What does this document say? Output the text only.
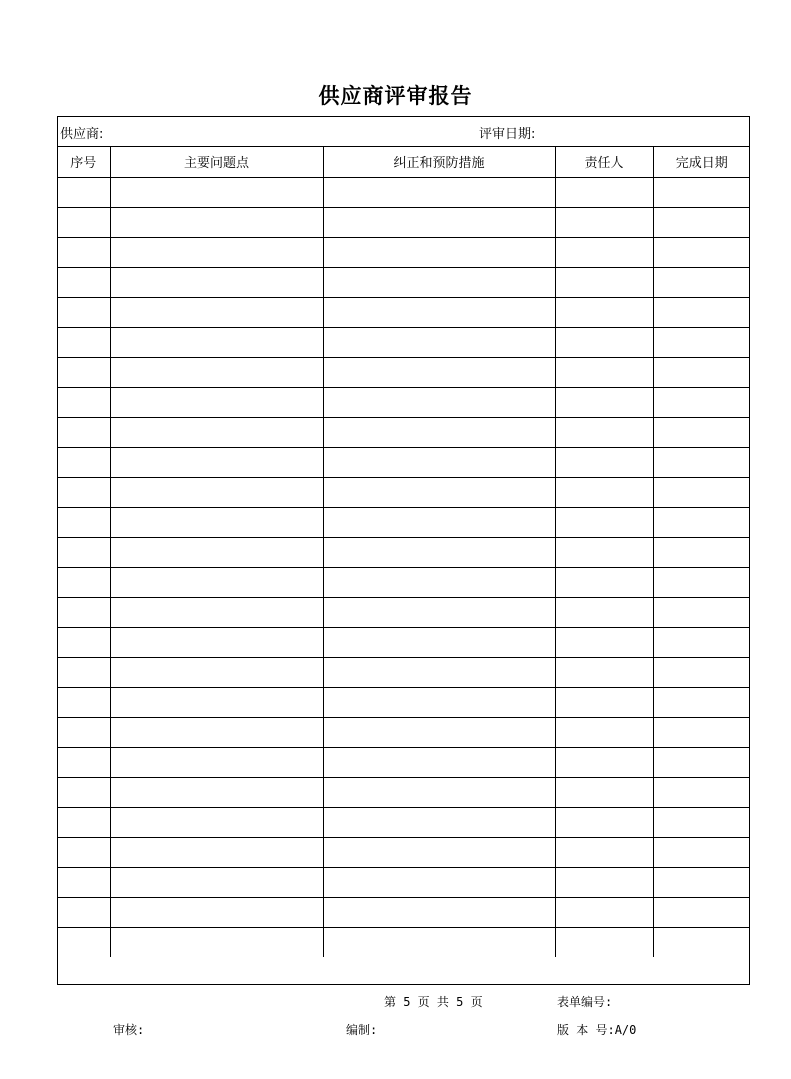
供应商评审报告
供应商:	评审日期:
序号	主要问题点	纠正和预防措施	责任人	完成日期

第 5 页 共 5 页	表单编号:
审核:	编制:	版 本 号:A/0
